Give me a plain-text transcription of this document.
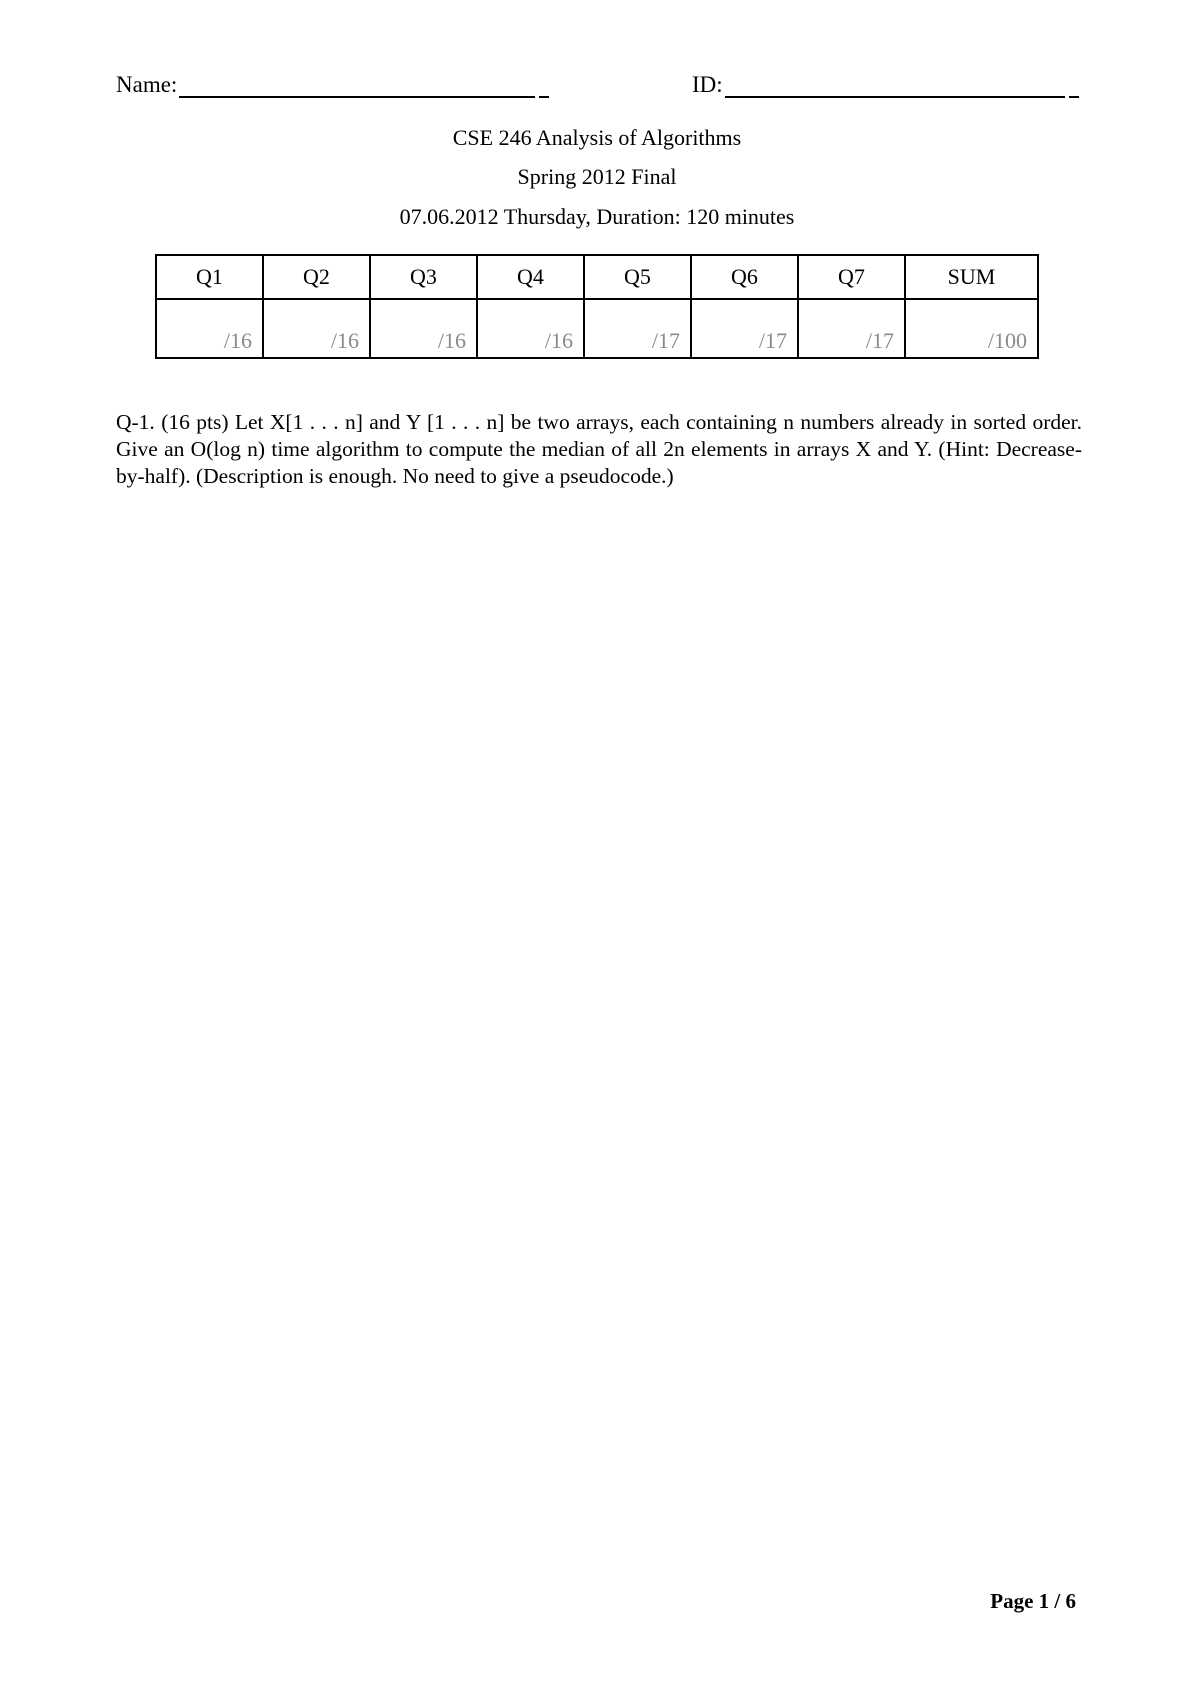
Name:	ID:
CSE 246 Analysis of Algorithms
Spring 2012 Final
07.06.2012 Thursday, Duration: 120 minutes
Q1	Q2	Q3	Q4	Q5	Q6	Q7	SUM
/16	/16	/16	/16	/17	/17	/17	/100
Q-1. (16 pts) Let X[1 . . . n] and Y [1 . . . n] be two arrays, each containing n numbers already in sorted order. Give an O(log n) time algorithm to compute the median of all 2n elements in arrays X and Y. (Hint: Decrease-by-half). (Description is enough. No need to give a pseudocode.)
Page 1 / 6
